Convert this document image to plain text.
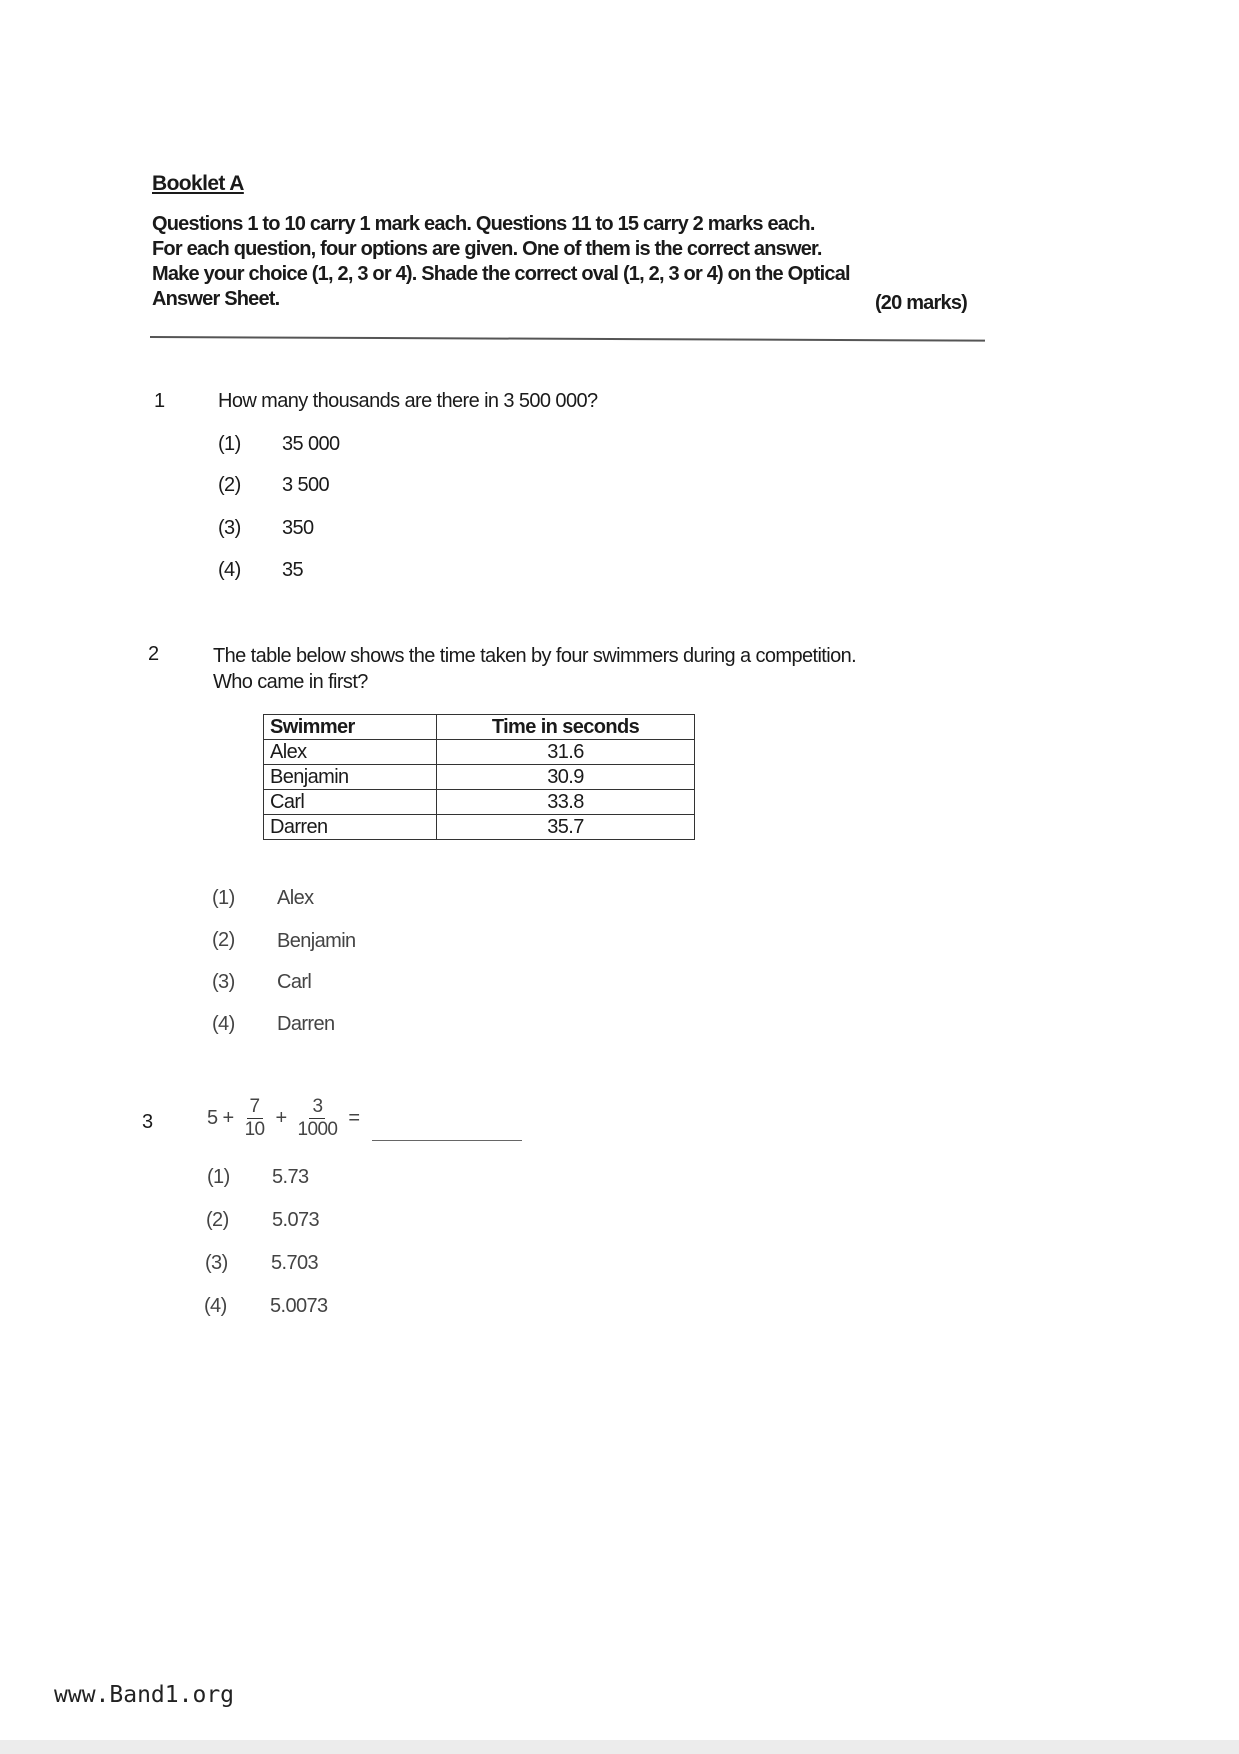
Booklet A
Questions 1 to 10 carry 1 mark each. Questions 11 to 15 carry 2 marks each.
For each question, four options are given. One of them is the correct answer.
Make your choice (1, 2, 3 or 4). Shade the correct oval (1, 2, 3 or 4) on the Optical
Answer Sheet.	(20 marks)
1	How many thousands are there in 3 500 000?
(1) 35 000
(2) 3 500
(3) 350
(4) 35
2	The table below shows the time taken by four swimmers during a competition.
Who came in first?
Swimmer	Time in seconds
Alex	31.6
Benjamin	30.9
Carl	33.8
Darren	35.7
(1) Alex
(2) Benjamin
(3) Carl
(4) Darren
3	$5 + \frac{7}{10} + \frac{3}{1000}$ =
(1) 5.73
(2) 5.073
(3) 5.703
(4) 5.0073
www.Band1.org
